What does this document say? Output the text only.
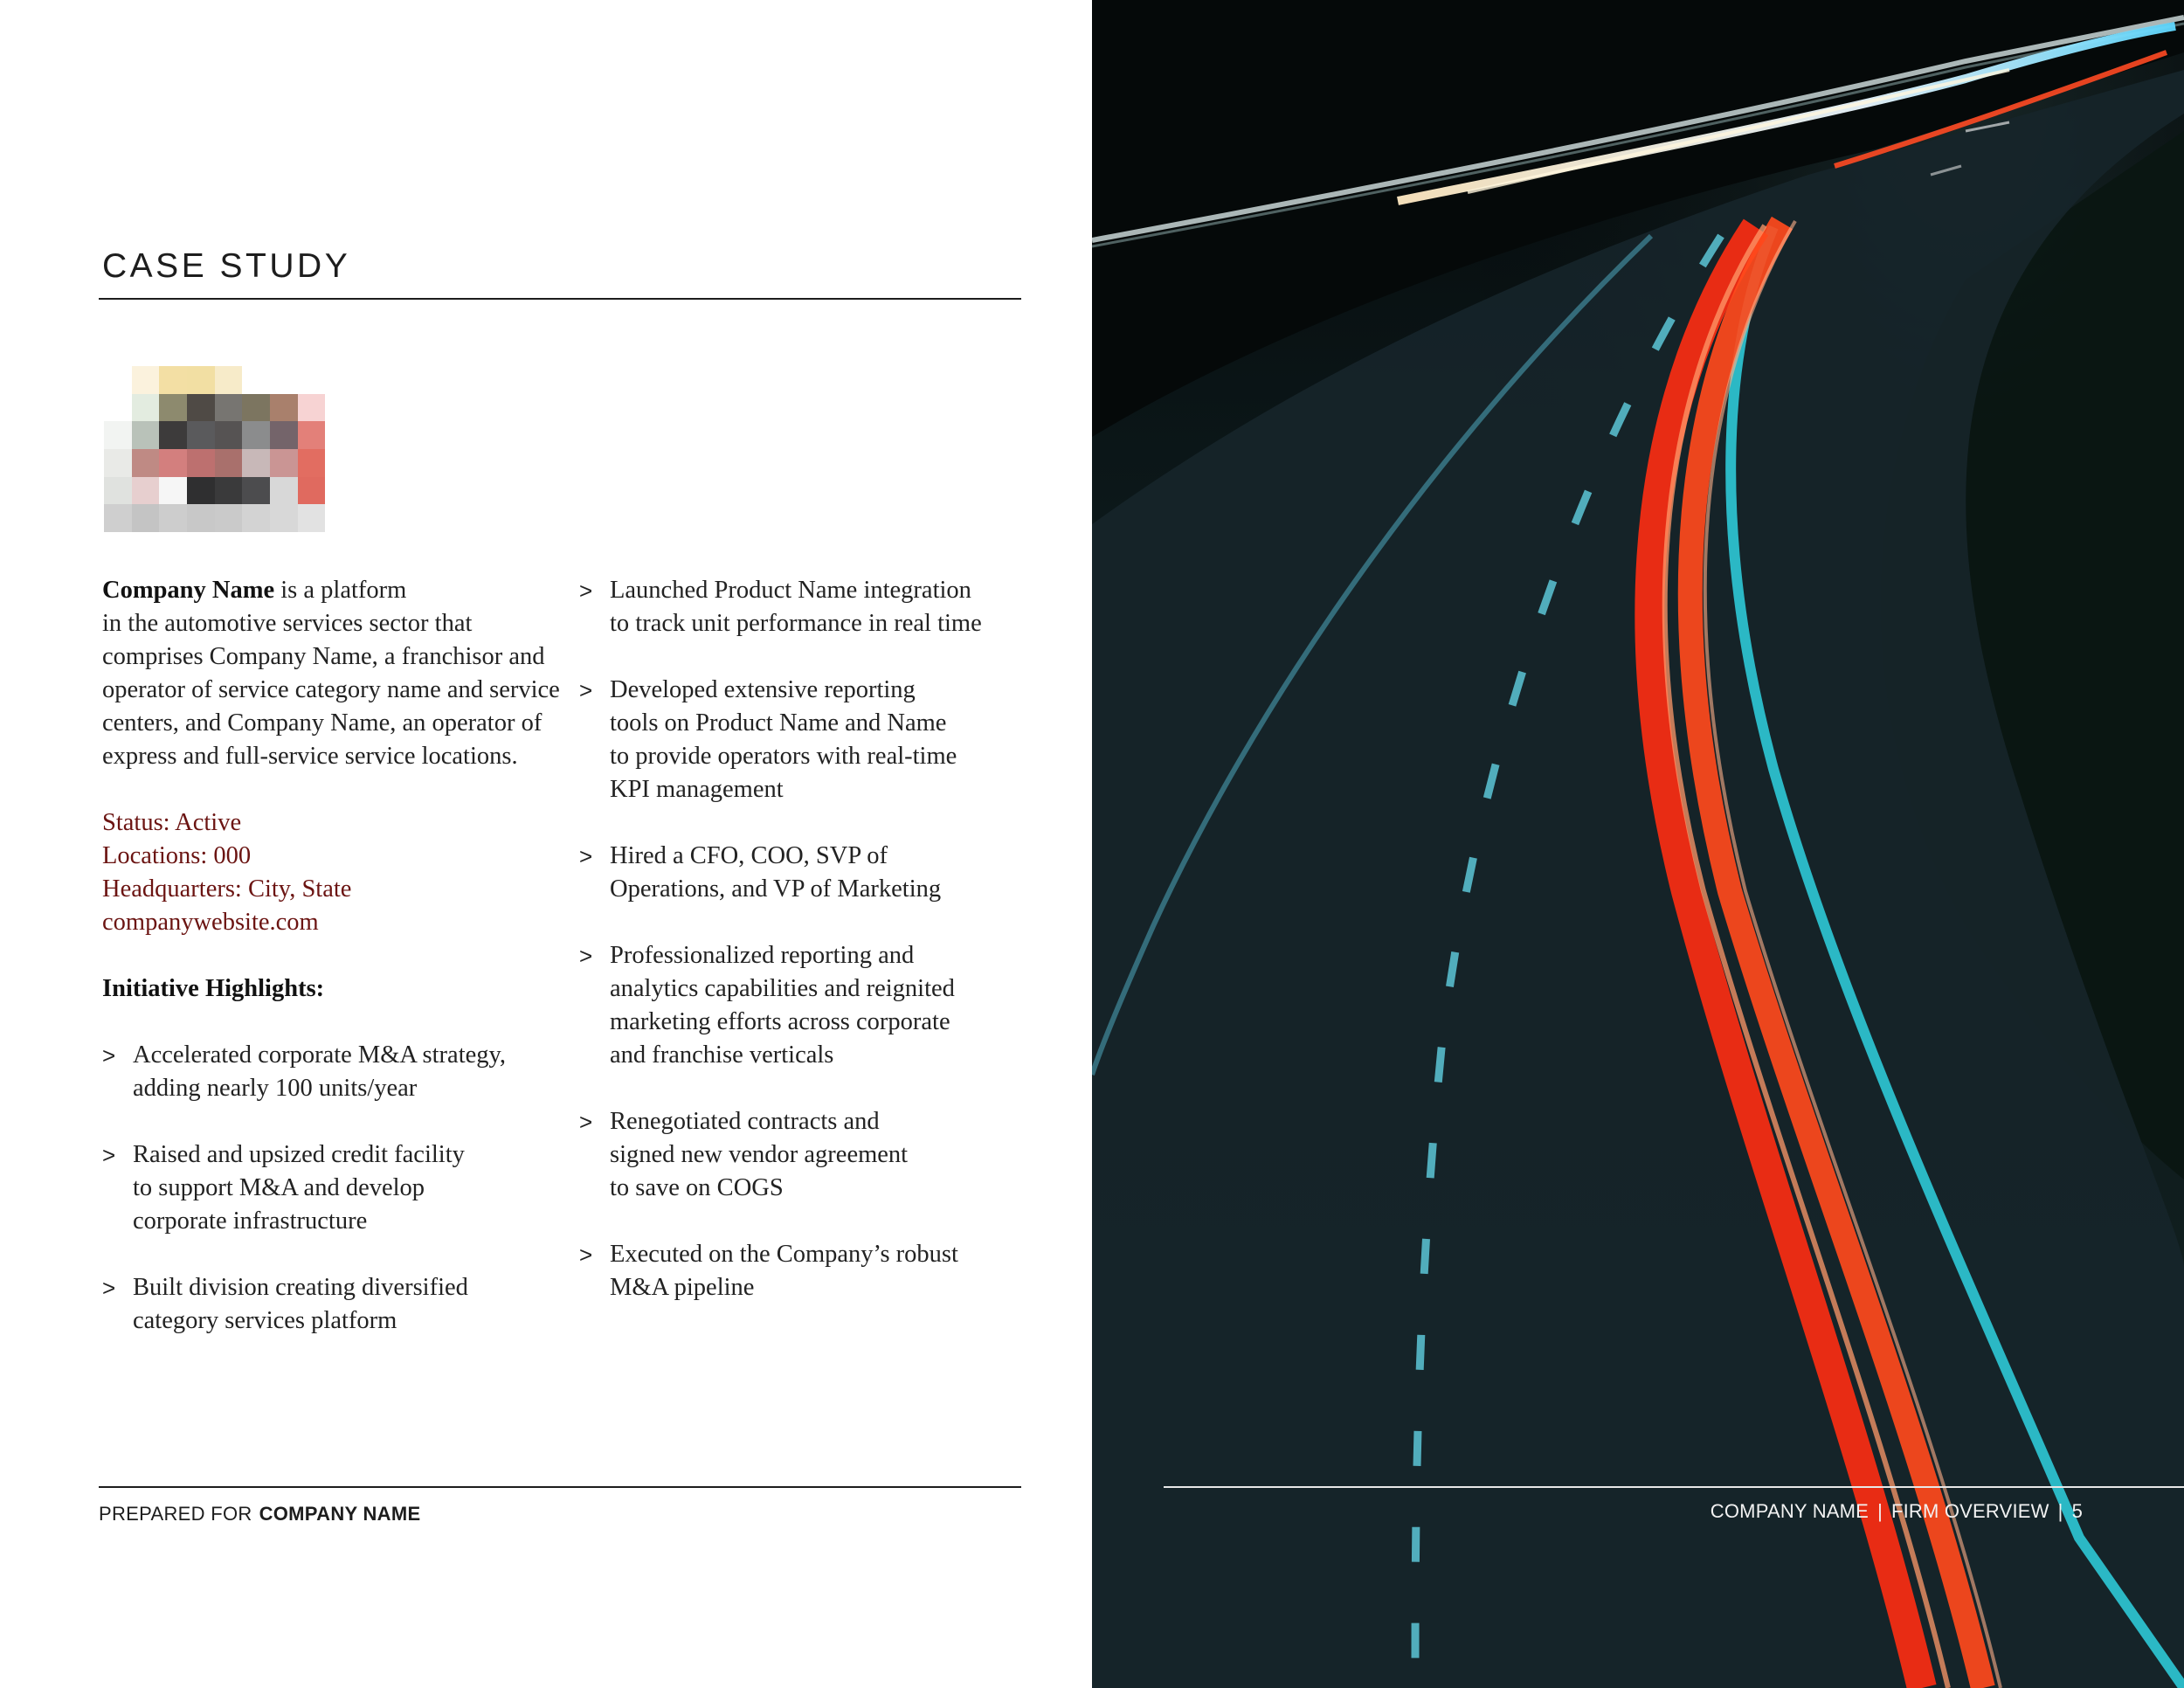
CASE STUDY

Company Name is a platform
in the automotive services sector that comprises Company Name, a franchisor and operator of service category name and service centers, and Company Name, an operator of express and full-service service locations.

Status: Active
Locations: 000
Headquarters: City, State
companywebsite.com

Initiative Highlights:

> Accelerated corporate M&A strategy,
adding nearly 100 units/year
> Raised and upsized credit facility
to support M&A and develop
corporate infrastructure
> Built division creating diversified
category services platform
> Launched Product Name integration
to track unit performance in real time
> Developed extensive reporting
tools on Product Name and Name
to provide operators with real-time
KPI management
> Hired a CFO, COO, SVP of
Operations, and VP of Marketing
> Professionalized reporting and
analytics capabilities and reignited
marketing efforts across corporate
and franchise verticals
> Renegotiated contracts and
signed new vendor agreement
to save on COGS
> Executed on the Company’s robust
M&A pipeline
PREPARED FOR COMPANY NAME	COMPANY NAME | FIRM OVERVIEW | 5
